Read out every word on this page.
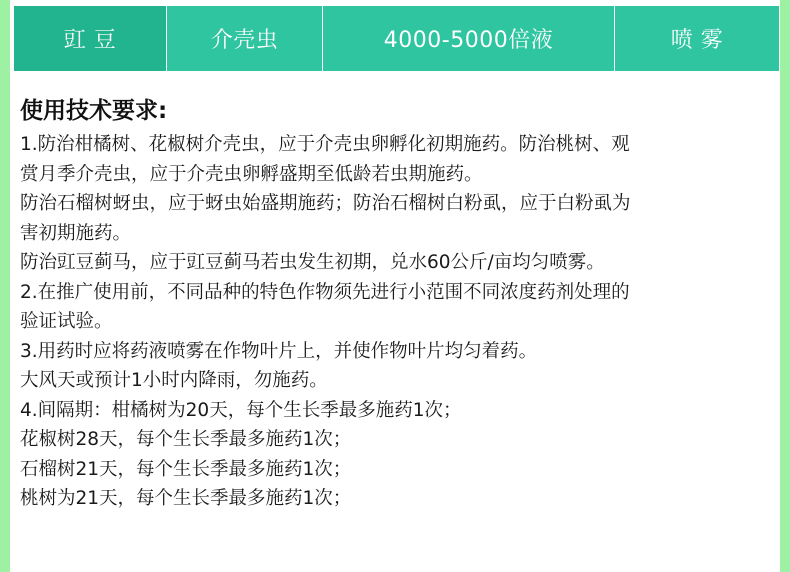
豇 豆	介壳虫	4000-5000倍液	喷 雾
使用技术要求:
1.防治柑橘树、花椒树介壳虫，应于介壳虫卵孵化初期施药。防治桃树、观
赏月季介壳虫，应于介壳虫卵孵盛期至低龄若虫期施药。
防治石榴树蚜虫，应于蚜虫始盛期施药；防治石榴树白粉虱，应于白粉虱为
害初期施药。
防治豇豆蓟马，应于豇豆蓟马若虫发生初期，兑水60公斤/亩均匀喷雾。
2.在推广使用前，不同品种的特色作物须先进行小范围不同浓度药剂处理的
验证试验。
3.用药时应将药液喷雾在作物叶片上，并使作物叶片均匀着药。
大风天或预计1小时内降雨，勿施药。
4.间隔期：柑橘树为20天，每个生长季最多施药1次；
花椒树28天，每个生长季最多施药1次；
石榴树21天，每个生长季最多施药1次；
桃树为21天，每个生长季最多施药1次；
